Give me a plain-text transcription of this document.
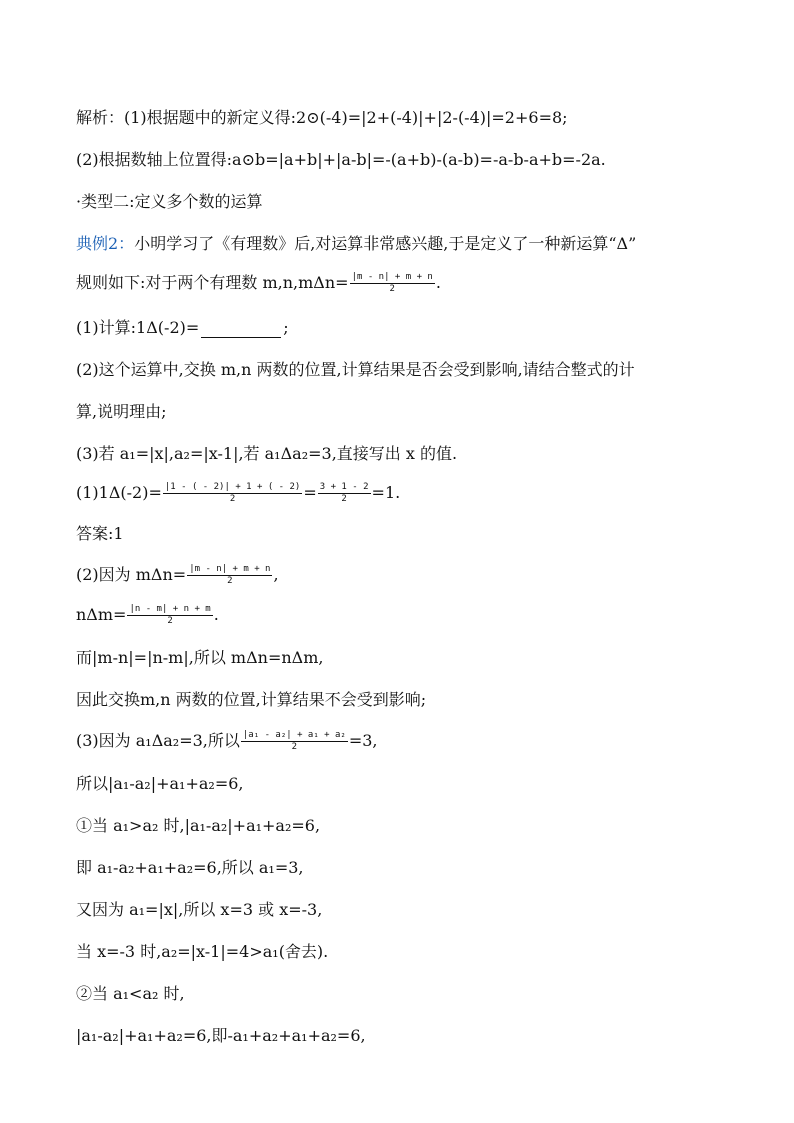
解析：(1)根据题中的新定义得:2⊙(-4)=|2+(-4)|+|2-(-4)|=2+6=8;
(2)根据数轴上位置得:a⊙b=|a+b|+|a-b|=-(a+b)-(a-b)=-a-b-a+b=-2a.
·类型二:定义多个数的运算
典例2：小明学习了《有理数》后,对运算非常感兴趣,于是定义了一种新运算“Δ”
规则如下:对于两个有理数 $m,n,m\Delta n= \frac{|m - n| + m + n}{2}$ .
(1)计算:1Δ(-2)=	;
(2)这个运算中,交换 m,n 两数的位置,计算结果是否会受到影响,请结合整式的计
算,说明理由;
(3)若 a₁=|x|,a₂=|x-1|,若 a₁Δa₂=3,直接写出 x 的值.
$(1)1\Delta(-2)= \frac{|1 - ( - 2)| + 1 + ( - 2)}{2} = \frac{3 + 1 - 2}{2} =1$.
答案:1
(2)因为 $m\Delta n= \frac{|m - n| + m + n}{2}$ ,
$n\Delta m= \frac{|n - m| + n + m}{2}$ .
而|m-n|=|n-m|,所以 mΔn=nΔm,
因此交换m,n 两数的位置,计算结果不会受到影响;
(3)因为 a₁Δa₂=3,所以 $\frac{\text{|a₁ - a₂| + a₁ + a₂}}{2} =3$,
所以|a₁-a₂|+a₁+a₂=6,
①当 a₁>a₂ 时,|a₁-a₂|+a₁+a₂=6,
即 a₁-a₂+a₁+a₂=6,所以 a₁=3,
又因为 a₁=|x|,所以 x=3 或 x=-3,
当 x=-3 时,a₂=|x-1|=4>a₁(舍去).
②当 a₁<a₂ 时,
|a₁-a₂|+a₁+a₂=6,即-a₁+a₂+a₁+a₂=6,
